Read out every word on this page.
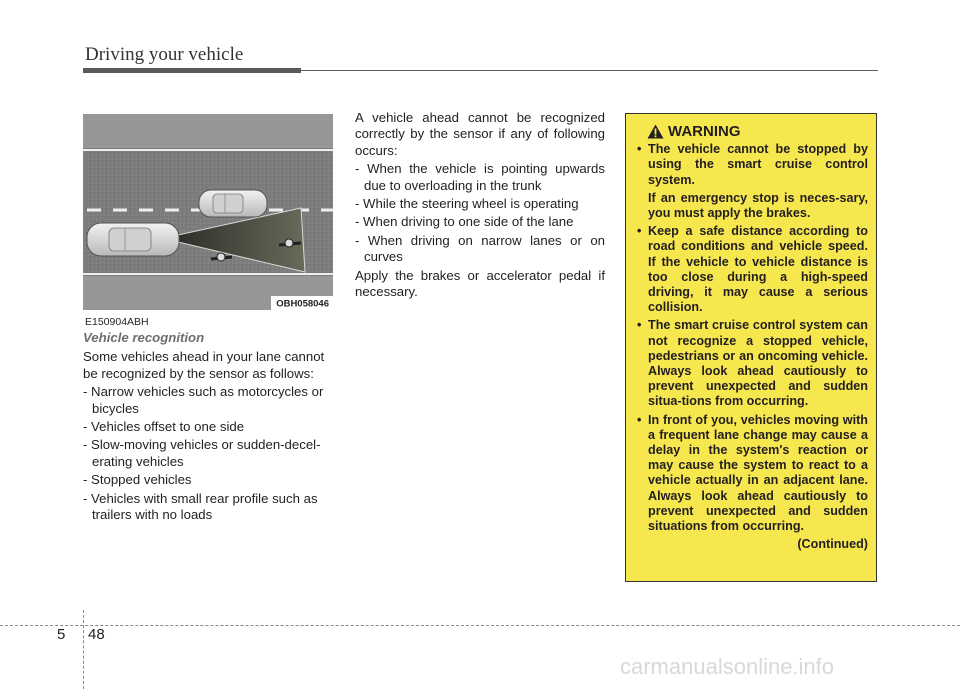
Driving your vehicle
OBH058046
E150904ABH
Vehicle recognition

Some vehicles ahead in your lane cannot be recognized by the sensor as follows:

- Narrow vehicles such as motorcycles or bicycles
- Vehicles offset to one side
- Slow-moving vehicles or sudden-decel-erating vehicles
- Stopped vehicles
- Vehicles with small rear profile such as trailers with no loads

A vehicle ahead cannot be recognized correctly by the sensor if any of following occurs:

- When the vehicle is pointing upwards due to overloading in the trunk
- While the steering wheel is operating
- When driving to one side of the lane
- When driving on narrow lanes or on curves

Apply the brakes or accelerator pedal if necessary.

WARNING
• The vehicle cannot be stopped by using the smart cruise control system.
If an emergency stop is neces-sary, you must apply the brakes.
• Keep a safe distance according to road conditions and vehicle speed. If the vehicle to vehicle distance is too close during a high-speed driving, it may cause a serious collision.
• The smart cruise control system can not recognize a stopped vehicle, pedestrians or an oncoming vehicle. Always look ahead cautiously to prevent unexpected and sudden situa-tions from occurring.
• In front of you, vehicles moving with a frequent lane change may cause a delay in the system's reaction or may cause the system to react to a vehicle actually in an adjacent lane. Always look ahead cautiously to prevent unexpected and sudden situations from occurring.
(Continued)
5 48
carmanualsonline.info
